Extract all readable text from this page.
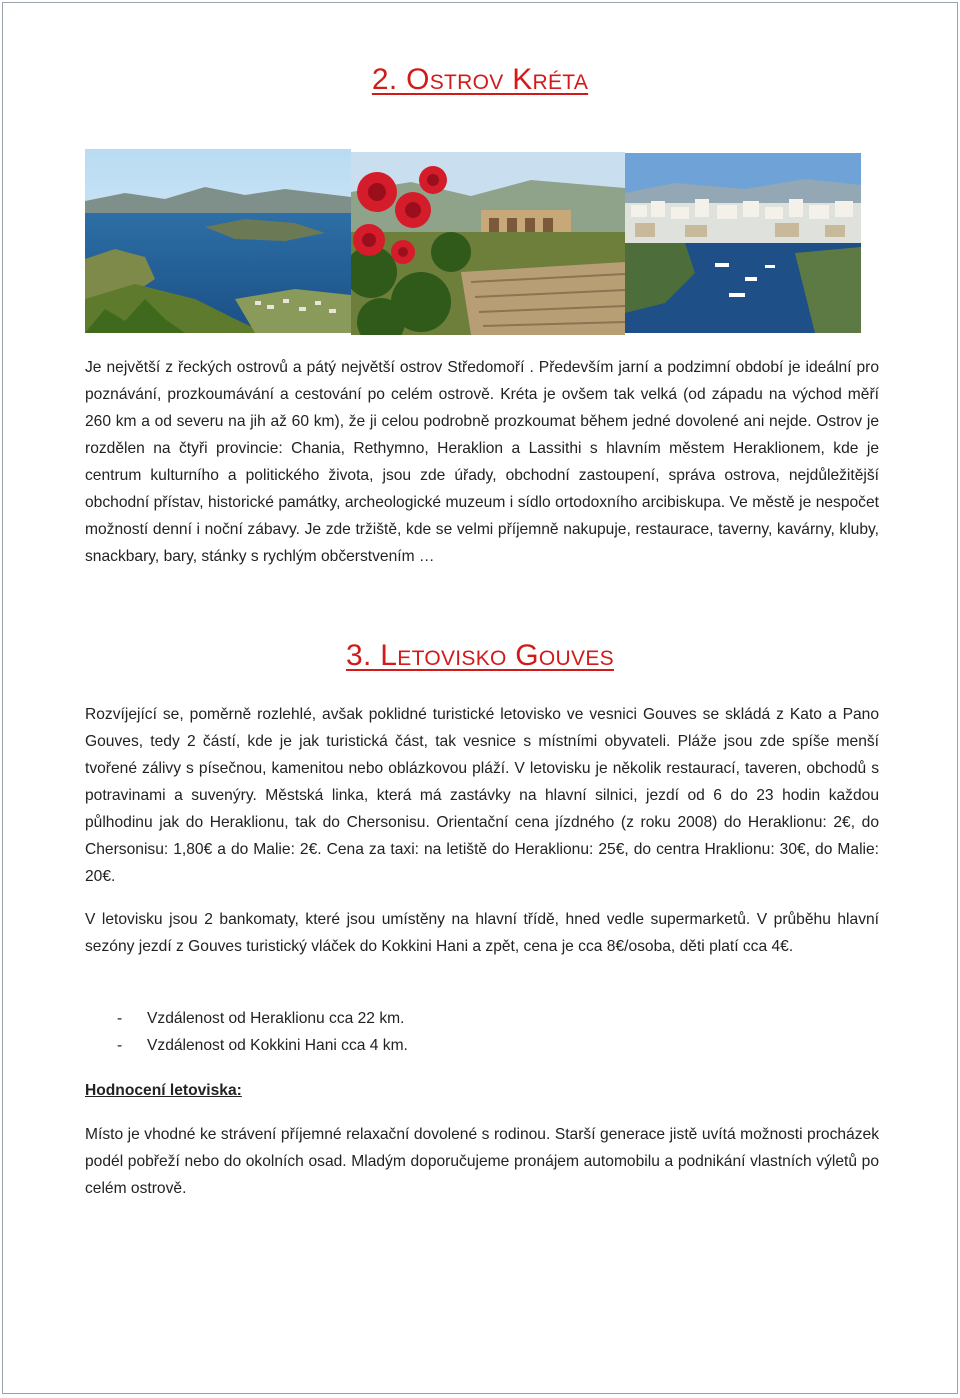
2. Ostrov Kréta

Je největší z řeckých ostrovů a pátý největší ostrov Středomoří . Především jarní a podzimní období je ideální pro poznávání, prozkoumávání a cestování po celém ostrově. Kréta je ovšem tak velká (od západu na východ měří 260 km a od severu na jih až 60 km), že ji celou podrobně prozkoumat během jedné dovolené ani nejde. Ostrov je rozdělen na čtyři provincie: Chania, Rethymno, Heraklion a Lassithi s hlavním městem Heraklionem, kde je centrum kulturního a politického života, jsou zde úřady, obchodní zastoupení, správa ostrova, nejdůležitější obchodní přístav, historické památky, archeologické muzeum i sídlo ortodoxního arcibiskupa. Ve městě je nespočet možností denní i noční zábavy. Je zde tržiště, kde se velmi příjemně nakupuje, restaurace, taverny, kavárny, kluby, snackbary, bary, stánky s rychlým občerstvením …

3. Letovisko Gouves

Rozvíjející se, poměrně rozlehlé, avšak poklidné turistické letovisko ve vesnici Gouves se skládá z Kato a Pano Gouves, tedy 2 částí, kde je jak turistická část, tak vesnice s místními obyvateli. Pláže jsou zde spíše menší tvořené zálivy s písečnou, kamenitou nebo oblázkovou pláží. V letovisku je několik restaurací, taveren, obchodů s potravinami a suvenýry. Městská linka, která má zastávky na hlavní silnici, jezdí od 6 do 23 hodin každou půlhodinu jak do Heraklionu, tak do Chersonisu. Orientační cena jízdného (z roku 2008) do Heraklionu: 2€, do Chersonisu: 1,80€ a do Malie: 2€. Cena za taxi: na letiště do Heraklionu: 25€, do centra Hraklionu: 30€, do Malie: 20€.

V letovisku jsou 2 bankomaty, které jsou umístěny na hlavní třídě, hned vedle supermarketů. V průběhu hlavní sezóny jezdí z Gouves turistický vláček do Kokkini Hani a zpět, cena je cca 8€/osoba, děti platí cca 4€.

- Vzdálenost od Heraklionu cca 22 km.
- Vzdálenost od Kokkini Hani cca 4 km.

Hodnocení letoviska:

Místo je vhodné ke strávení příjemné relaxační dovolené s rodinou. Starší generace jistě uvítá možnosti procházek podél pobřeží nebo do okolních osad. Mladým doporučujeme pronájem automobilu a podnikání vlastních výletů po celém ostrově.
